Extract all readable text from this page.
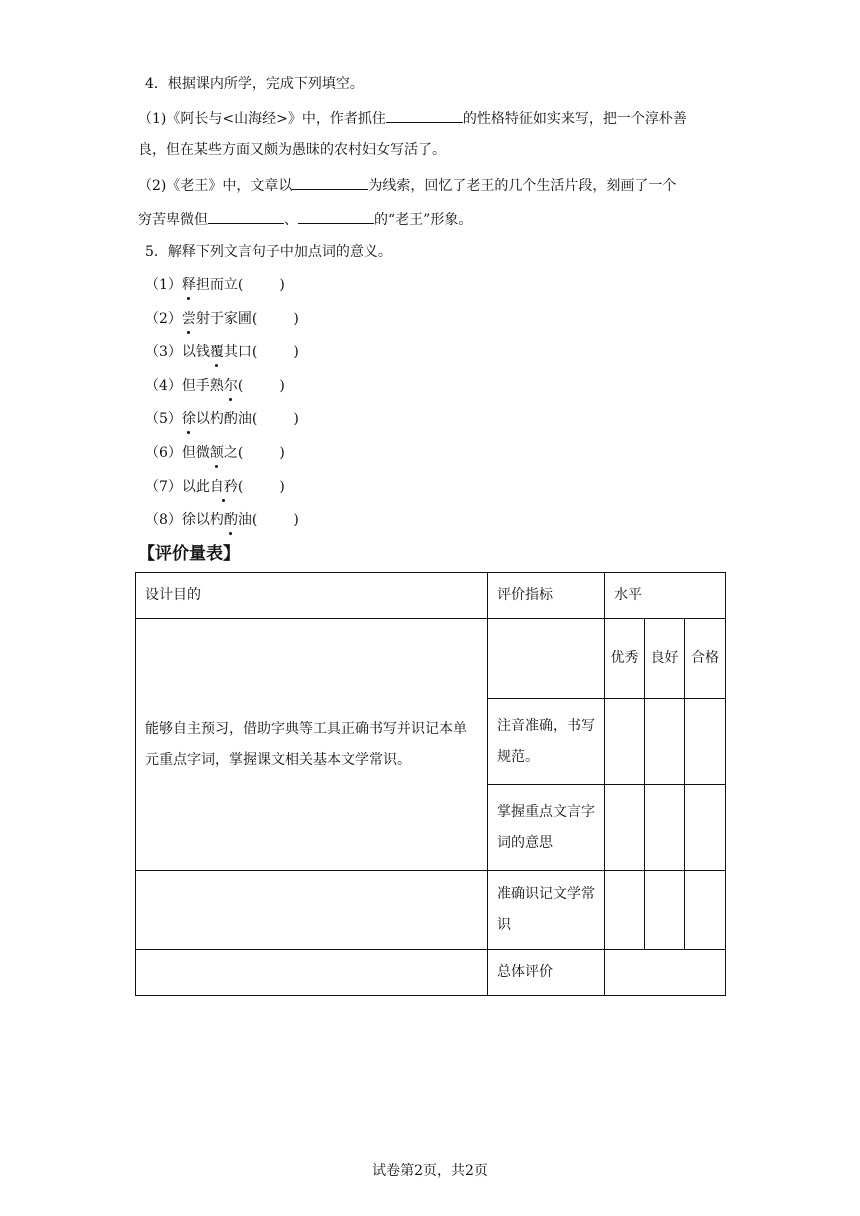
4．根据课内所学，完成下列填空。
（1)《阿长与<山海经>》中，作者抓住	的性格特征如实来写，把一个淳朴善
良，但在某些方面又颇为愚昧的农村妇女写活了。
（2)《老王》中，文章以	为线索，回忆了老王的几个生活片段，刻画了一个
穷苦卑微但	、	的“老王”形象。
5．解释下列文言句子中加点词的意义。
（1）释担而立(	)
（2）尝射于家圃(	)
（3）以钱覆其口(	)
（4）但手熟尔(	)
（5）徐以杓酌油(	)
（6）但微颔之(	)
（7）以此自矜(	)
（8）徐以杓酌油(	)
【评价量表】
设计目的	评价指标	水平		
能够自主预习，借助字典等工具正确书写并识记本单元重点字词，掌握课文相关基本文学常识。		优秀	良好	合格
	注音准确，书写规范。			
	掌握重点文言字词的意思			
	准确识记文学常识			
	总体评价			
试卷第2页，共2页
